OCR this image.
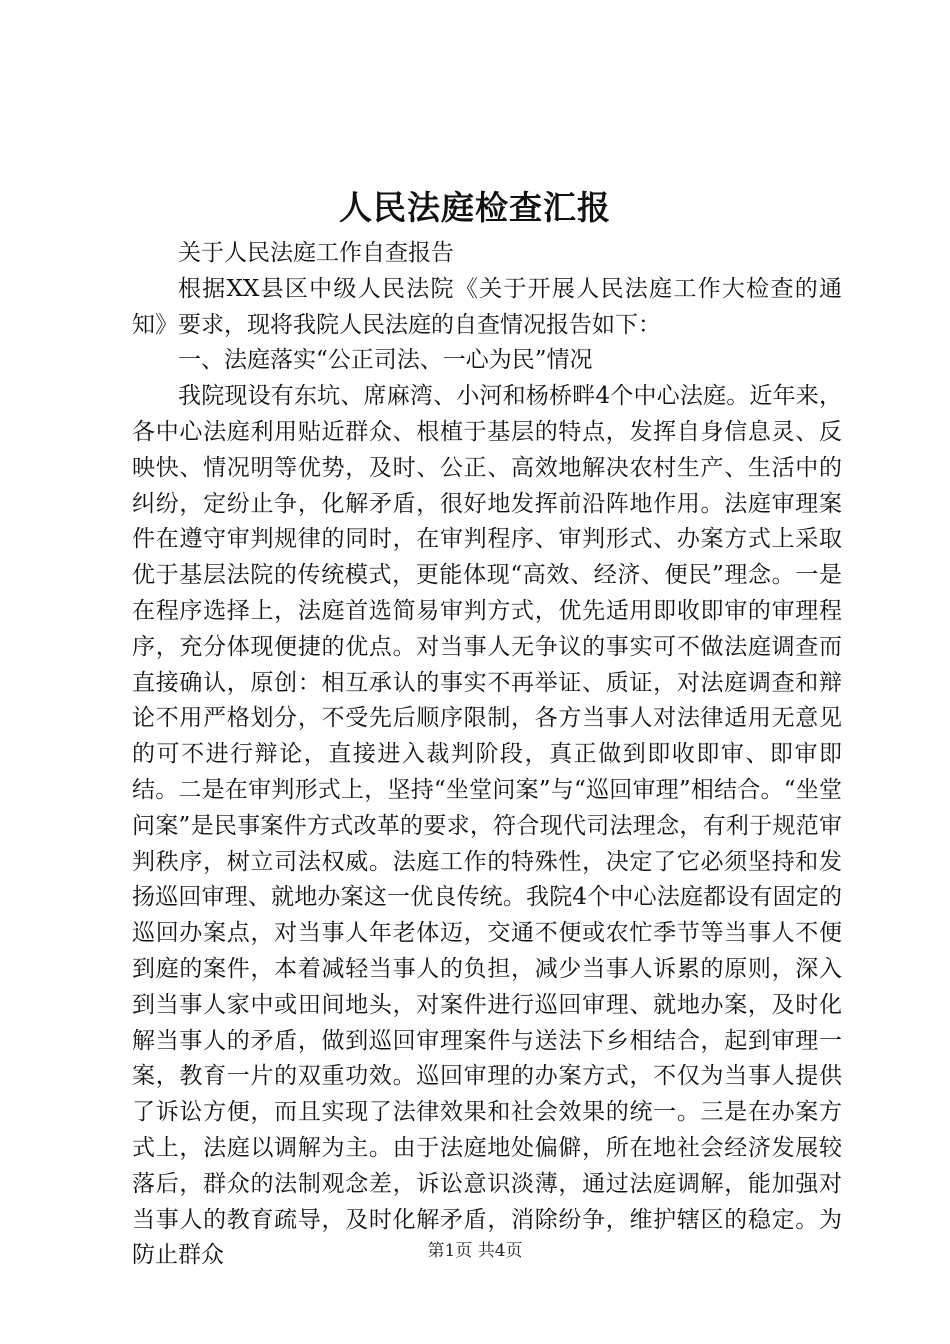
人民法庭检查汇报

关于人民法庭工作自查报告

根据XX县区中级人民法院《关于开展人民法庭工作大检查的通知》要求，现将我院人民法庭的自查情况报告如下：

一、法庭落实“公正司法、一心为民”情况

我院现设有东坑、席麻湾、小河和杨桥畔4个中心法庭。近年来，各中心法庭利用贴近群众、根植于基层的特点，发挥自身信息灵、反映快、情况明等优势，及时、公正、高效地解决农村生产、生活中的纠纷，定纷止争，化解矛盾，很好地发挥前沿阵地作用。法庭审理案件在遵守审判规律的同时，在审判程序、审判形式、办案方式上采取优于基层法院的传统模式，更能体现“高效、经济、便民”理念。一是在程序选择上，法庭首选简易审判方式，优先适用即收即审的审理程序，充分体现便捷的优点。对当事人无争议的事实可不做法庭调查而直接确认，原创：相互承认的事实不再举证、质证，对法庭调查和辩论不用严格划分，不受先后顺序限制，各方当事人对法律适用无意见的可不进行辩论，直接进入裁判阶段，真正做到即收即审、即审即结。二是在审判形式上，坚持“坐堂问案”与“巡回审理”相结合。“坐堂问案”是民事案件方式改革的要求，符合现代司法理念，有利于规范审判秩序，树立司法权威。法庭工作的特殊性，决定了它必须坚持和发扬巡回审理、就地办案这一优良传统。我院4个中心法庭都设有固定的巡回办案点，对当事人年老体迈，交通不便或农忙季节等当事人不便到庭的案件，本着减轻当事人的负担，减少当事人诉累的原则，深入到当事人家中或田间地头，对案件进行巡回审理、就地办案，及时化解当事人的矛盾，做到巡回审理案件与送法下乡相结合，起到审理一案，教育一片的双重功效。巡回审理的办案方式，不仅为当事人提供了诉讼方便，而且实现了法律效果和社会效果的统一。三是在办案方式上，法庭以调解为主。由于法庭地处偏僻，所在地社会经济发展较落后，群众的法制观念差，诉讼意识淡薄，通过法庭调解，能加强对当事人的教育疏导，及时化解矛盾，消除纷争，维护辖区的稳定。为防止群众	第1页 共4页
